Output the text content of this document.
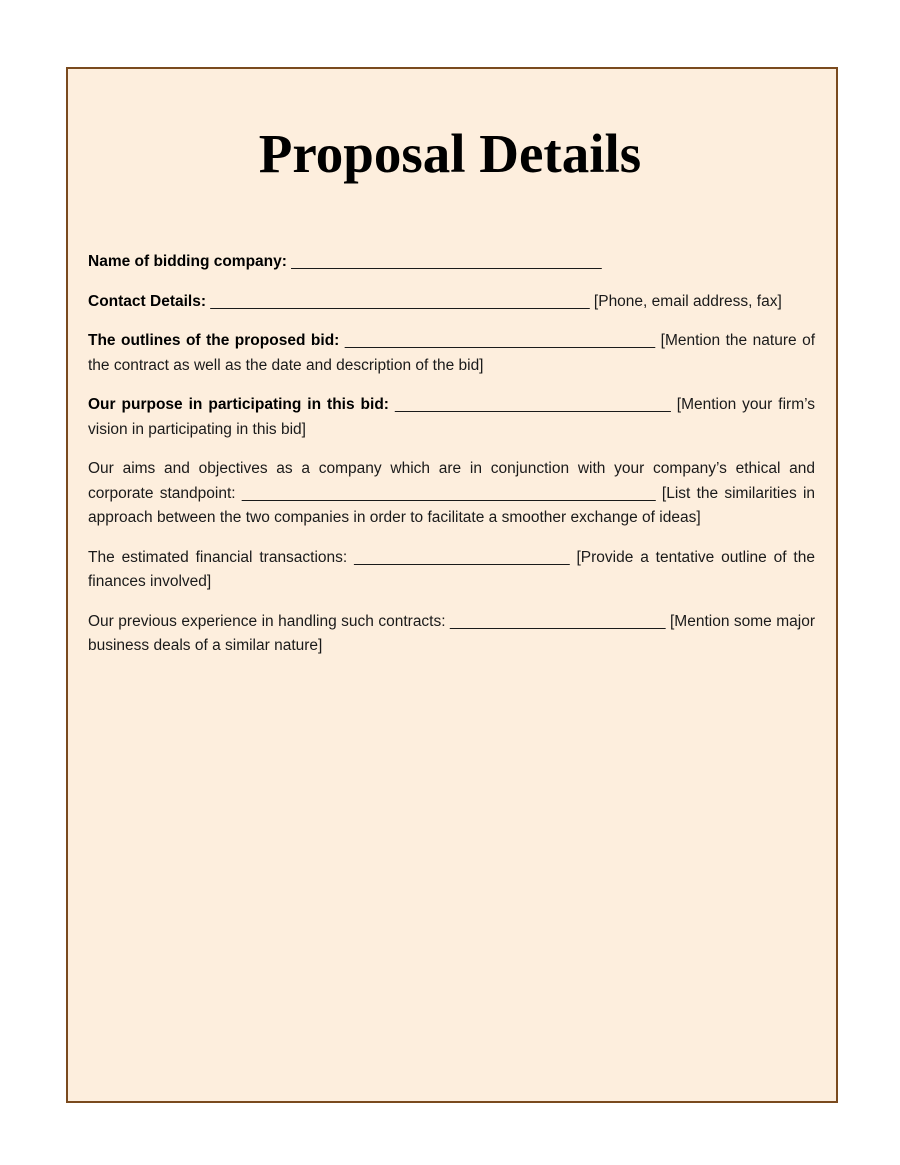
Proposal Details

Name of bidding company: ____________________________________

Contact Details: ____________________________________________ [Phone, email address, fax]

The outlines of the proposed bid: ____________________________________ [Mention the nature of the contract as well as the date and description of the bid]

Our purpose in participating in this bid: ________________________________ [Mention your firm’s vision in participating in this bid]

Our aims and objectives as a company which are in conjunction with your company’s ethical and corporate standpoint: ________________________________________________ [List the similarities in approach between the two companies in order to facilitate a smoother exchange of ideas]

The estimated financial transactions: _________________________ [Provide a tentative outline of the finances involved]

Our previous experience in handling such contracts: _________________________ [Mention some major business deals of a similar nature]
